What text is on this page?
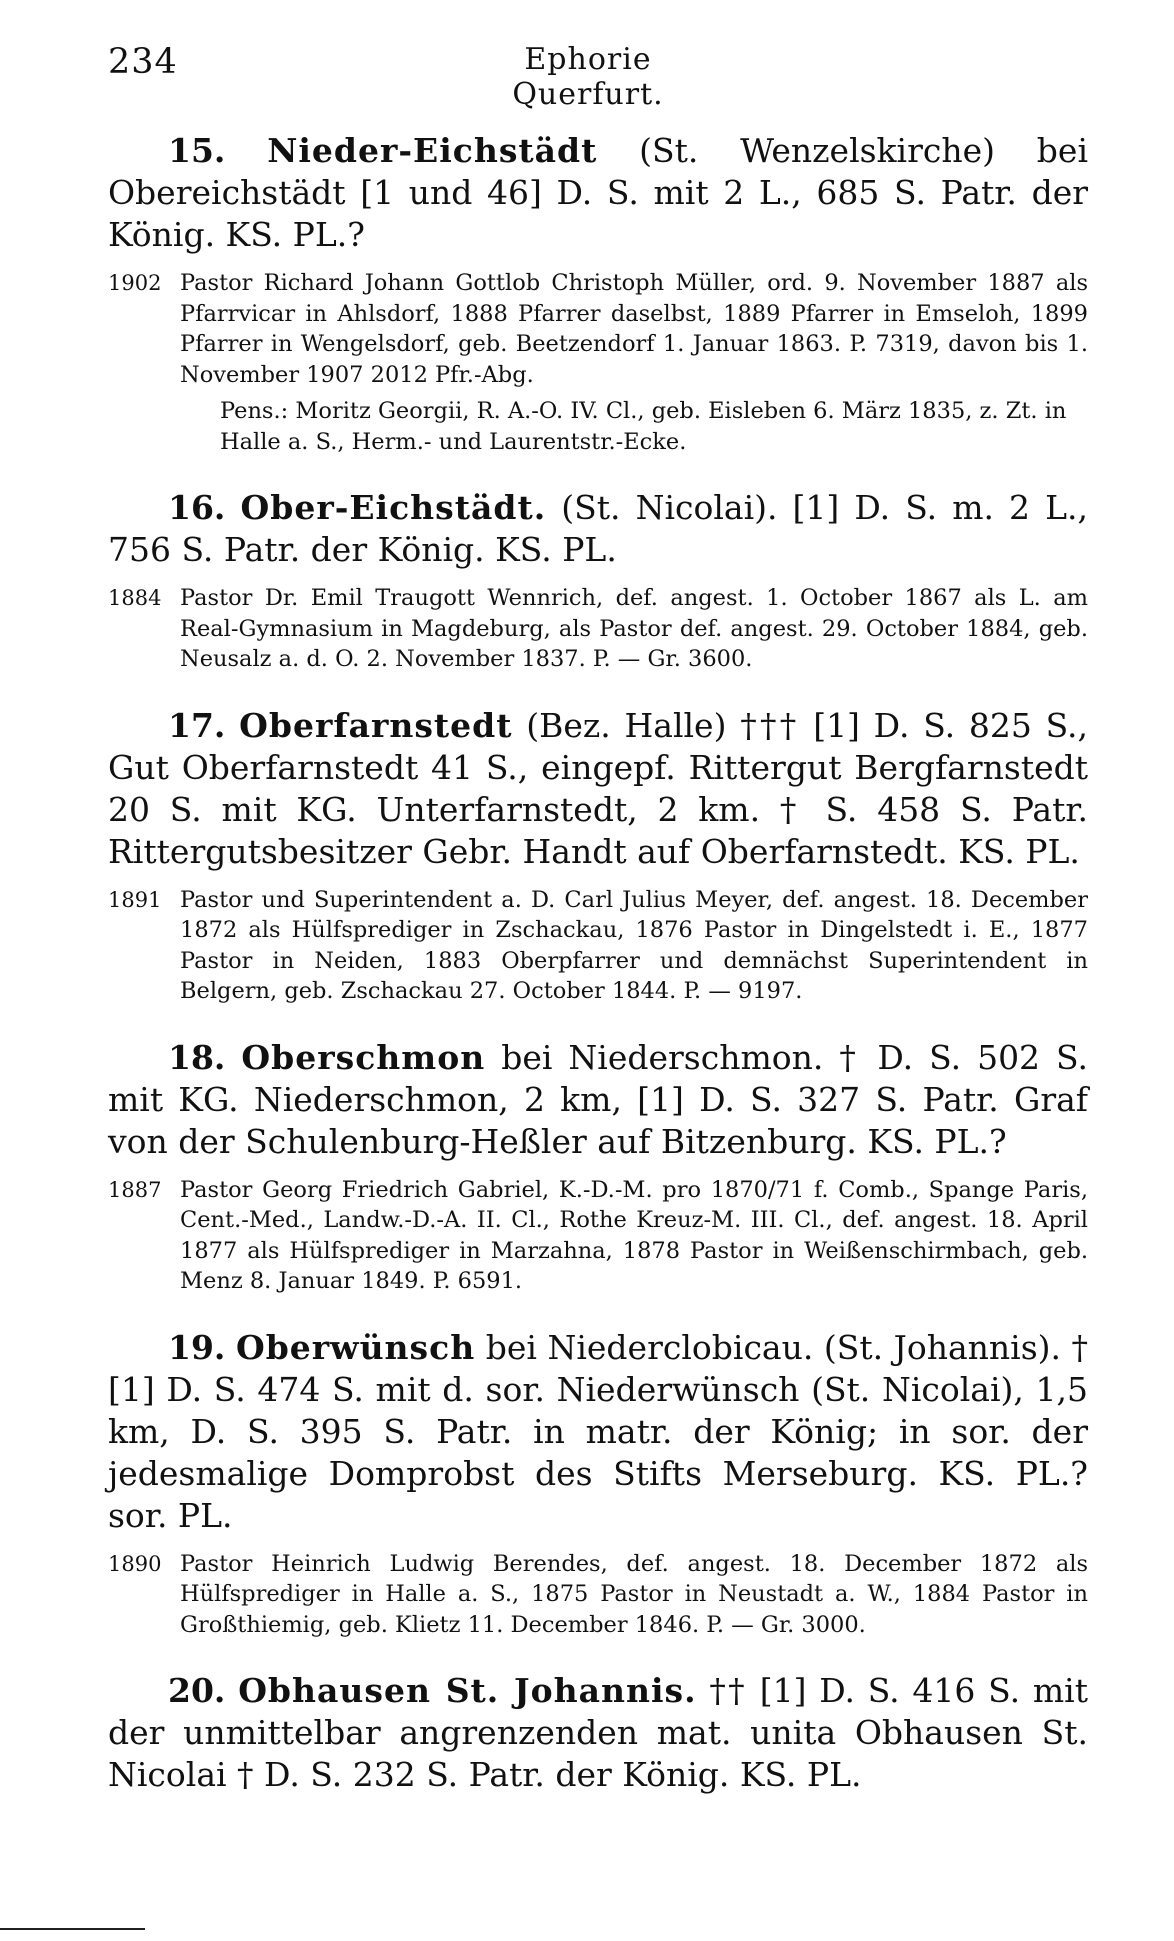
234	Ephorie Querfurt.
15. Nieder-Eichstädt (St. Wenzelskirche) bei Obereichstädt [1 und 46] D. S. mit 2 L., 685 S. Patr. der König. KS. PL.?
1902 Pastor Richard Johann Gottlob Christoph Müller, ord. 9. November 1887 als Pfarrvicar in Ahlsdorf, 1888 Pfarrer daselbst, 1889 Pfarrer in Emseloh, 1899 Pfarrer in Wengelsdorf, geb. Beetzendorf 1. Januar 1863. P. 7319, davon bis 1. November 1907 2012 Pfr.-Abg.
Pens.: Moritz Georgii, R. A.-O. IV. Cl., geb. Eisleben 6. März 1835, z. Zt. in Halle a. S., Herm.- und Laurentstr.-Ecke.
16. Ober-Eichstädt. (St. Nicolai). [1] D. S. m. 2 L., 756 S. Patr. der König. KS. PL.
1884 Pastor Dr. Emil Traugott Wennrich, def. angest. 1. October 1867 als L. am Real-Gymnasium in Magdeburg, als Pastor def. angest. 29. October 1884, geb. Neusalz a. d. O. 2. November 1837. P. — Gr. 3600.
17. Oberfarnstedt (Bez. Halle) ††† [1] D. S. 825 S., Gut Oberfarnstedt 41 S., eingepf. Rittergut Bergfarnstedt 20 S. mit KG. Unterfarnstedt, 2 km. † S. 458 S. Patr. Rittergutsbesitzer Gebr. Handt auf Oberfarnstedt. KS. PL.
1891 Pastor und Superintendent a. D. Carl Julius Meyer, def. angest. 18. December 1872 als Hülfsprediger in Zschackau, 1876 Pastor in Dingelstedt i. E., 1877 Pastor in Neiden, 1883 Oberpfarrer und demnächst Superintendent in Belgern, geb. Zschackau 27. October 1844. P. — 9197.
18. Oberschmon bei Niederschmon. † D. S. 502 S. mit KG. Niederschmon, 2 km, [1] D. S. 327 S. Patr. Graf von der Schulenburg-Heßler auf Bitzenburg. KS. PL.?
1887 Pastor Georg Friedrich Gabriel, K.-D.-M. pro 1870/71 f. Comb., Spange Paris, Cent.-Med., Landw.-D.-A. II. Cl., Rothe Kreuz-M. III. Cl., def. angest. 18. April 1877 als Hülfsprediger in Marzahna, 1878 Pastor in Weißenschirmbach, geb. Menz 8. Januar 1849. P. 6591.
19. Oberwünsch bei Niederclobicau. (St. Johannis). † [1] D. S. 474 S. mit d. sor. Niederwünsch (St. Nicolai), 1,5 km, D. S. 395 S. Patr. in matr. der König; in sor. der jedesmalige Domprobst des Stifts Merseburg. KS. PL.? sor. PL.
1890 Pastor Heinrich Ludwig Berendes, def. angest. 18. December 1872 als Hülfsprediger in Halle a. S., 1875 Pastor in Neustadt a. W., 1884 Pastor in Großthiemig, geb. Klietz 11. December 1846. P. — Gr. 3000.
20. Obhausen St. Johannis. †† [1] D. S. 416 S. mit der unmittelbar angrenzenden mat. unita Obhausen St. Nicolai † D. S. 232 S. Patr. der König. KS. PL.
